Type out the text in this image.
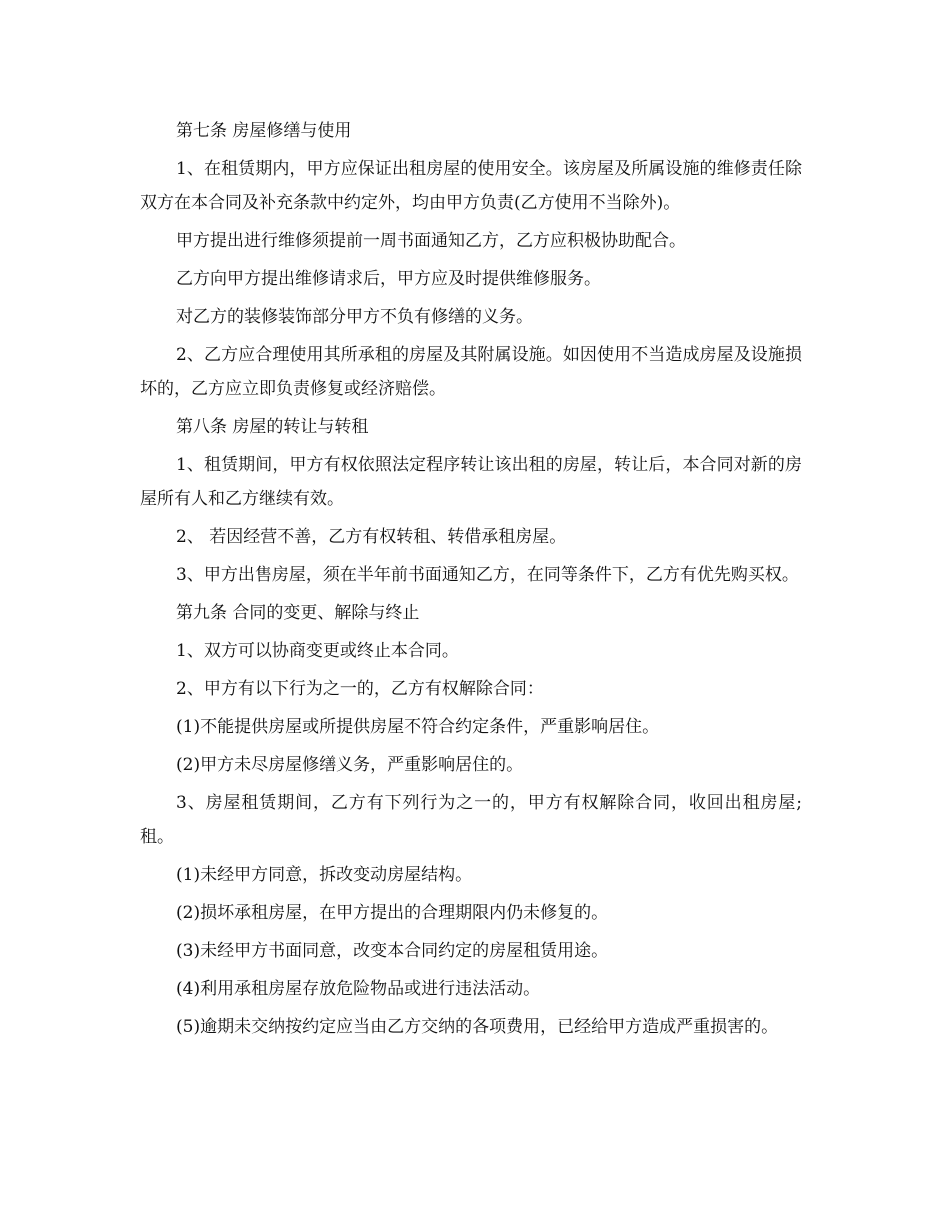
第七条 房屋修缮与使用

1、在租赁期内，甲方应保证出租房屋的使用安全。该房屋及所属设施的维修责任除双方在本合同及补充条款中约定外，均由甲方负责(乙方使用不当除外)。

甲方提出进行维修须提前一周书面通知乙方，乙方应积极协助配合。

乙方向甲方提出维修请求后，甲方应及时提供维修服务。

对乙方的装修装饰部分甲方不负有修缮的义务。

2、乙方应合理使用其所承租的房屋及其附属设施。如因使用不当造成房屋及设施损坏的，乙方应立即负责修复或经济赔偿。

第八条 房屋的转让与转租

1、租赁期间，甲方有权依照法定程序转让该出租的房屋，转让后，本合同对新的房屋所有人和乙方继续有效。

2、 若因经营不善，乙方有权转租、转借承租房屋。

3、甲方出售房屋，须在半年前书面通知乙方，在同等条件下，乙方有优先购买权。

第九条 合同的变更、解除与终止

1、双方可以协商变更或终止本合同。

2、甲方有以下行为之一的，乙方有权解除合同：

(1)不能提供房屋或所提供房屋不符合约定条件，严重影响居住。

(2)甲方未尽房屋修缮义务，严重影响居住的。

3、房屋租赁期间，乙方有下列行为之一的，甲方有权解除合同，收回出租房屋;租。

(1)未经甲方同意，拆改变动房屋结构。

(2)损坏承租房屋，在甲方提出的合理期限内仍未修复的。

(3)未经甲方书面同意，改变本合同约定的房屋租赁用途。

(4)利用承租房屋存放危险物品或进行违法活动。

(5)逾期未交纳按约定应当由乙方交纳的各项费用，已经给甲方造成严重损害的。
